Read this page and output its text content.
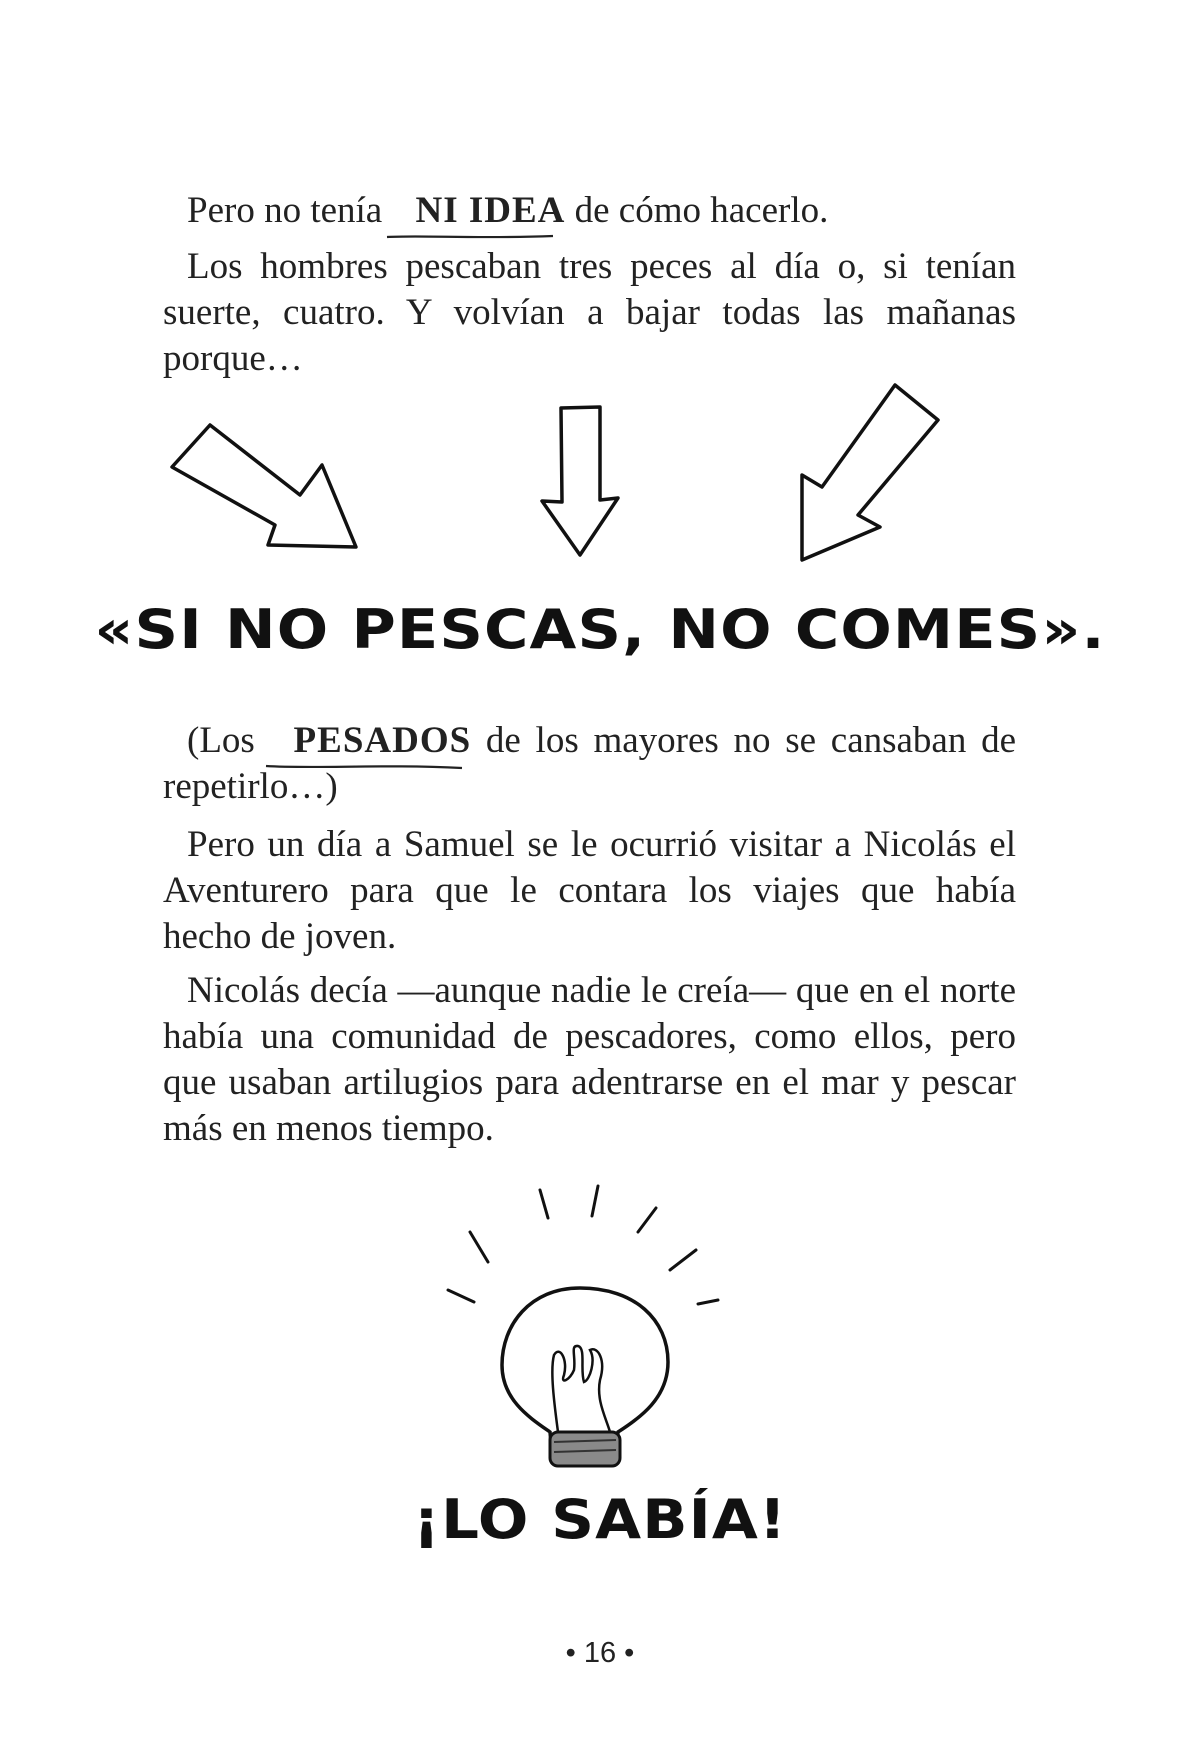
Pero no tenía NI IDEA
de cómo hacerlo.

Los hombres pescaban tres peces al día o, si tenían suerte, cuatro. Y volvían a bajar todas las mañanas porque…

«SI NO PESCAS, NO COMES».

(Los PESADOS
de los mayores no se cansaban de repetirlo…)

Pero un día a Samuel se le ocurrió visitar a Nicolás el Aventurero para que le contara los viajes que había hecho de joven.

Nicolás decía —aunque nadie le creía— que en el norte había una comunidad de pescadores, como ellos, pero que usaban artilugios para adentrarse en el mar y pescar más en menos tiempo.

¡LO SABÍA!
• 16 •
